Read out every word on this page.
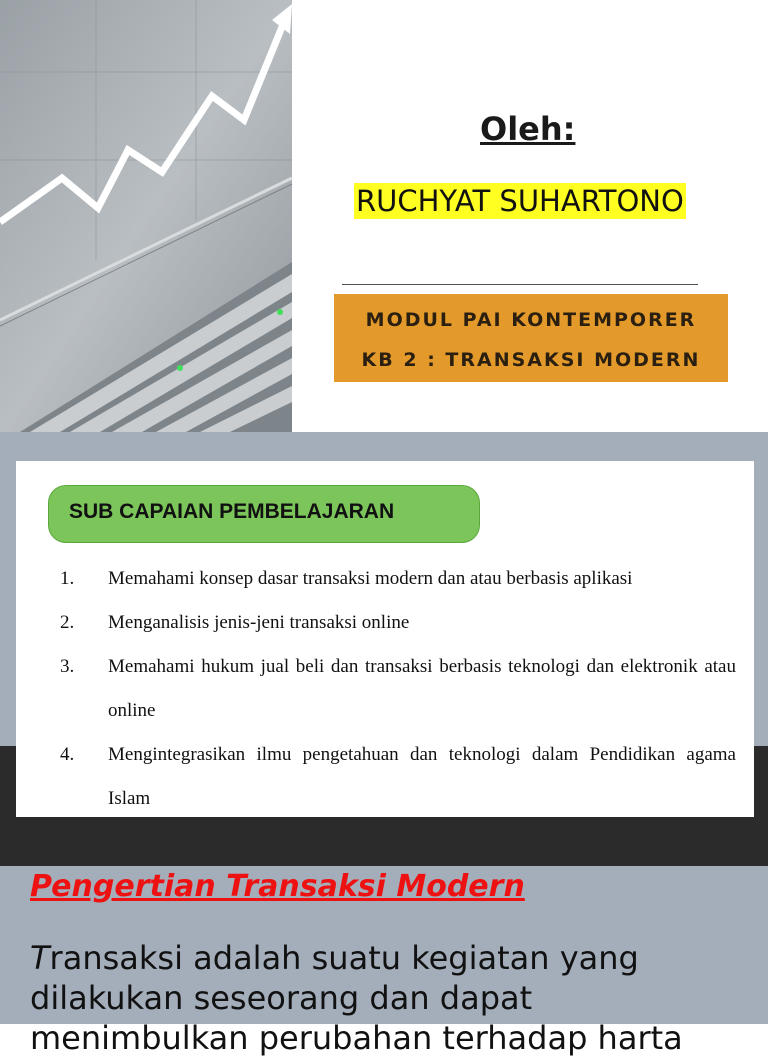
Oleh:
RUCHYAT SUHARTONO
MODUL PAI KONTEMPORER
KB 2 : TRANSAKSI MODERN
SUB CAPAIAN PEMBELAJARAN
1.	Memahami konsep dasar transaksi modern dan atau berbasis aplikasi
2.	Menganalisis jenis-jeni transaksi online
3.	Memahami hukum jual beli dan transaksi berbasis teknologi dan elektronik atau online
4.	Mengintegrasikan ilmu pengetahuan dan teknologi dalam Pendidikan agama Islam
Pengertian Transaksi Modern
Transaksi adalah suatu kegiatan yang dilakukan seseorang dan dapat menimbulkan perubahan terhadap harta
